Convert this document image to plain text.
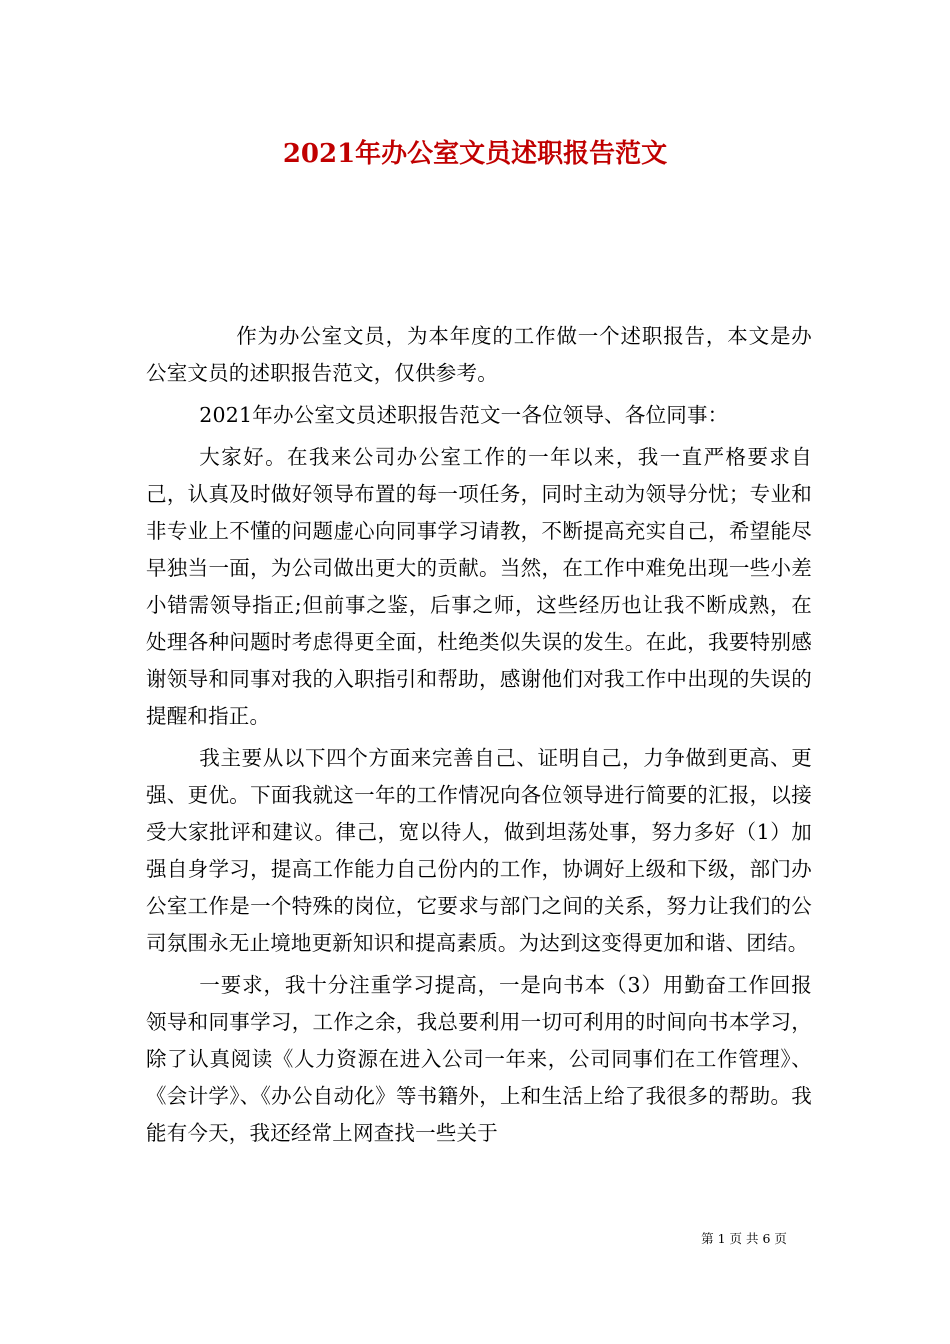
2021年办公室文员述职报告范文

作为办公室文员，为本年度的工作做一个述职报告，本文是办公室文员的述职报告范文，仅供参考。

2021年办公室文员述职报告范文一各位领导、各位同事：

大家好。在我来公司办公室工作的一年以来，我一直严格要求自己，认真及时做好领导布置的每一项任务，同时主动为领导分忧；专业和非专业上不懂的问题虚心向同事学习请教，不断提高充实自己，希望能尽早独当一面，为公司做出更大的贡献。当然，在工作中难免出现一些小差小错需领导指正;但前事之鉴，后事之师，这些经历也让我不断成熟，在处理各种问题时考虑得更全面，杜绝类似失误的发生。在此，我要特别感谢领导和同事对我的入职指引和帮助，感谢他们对我工作中出现的失误的提醒和指正。

我主要从以下四个方面来完善自己、证明自己，力争做到更高、更强、更优。下面我就这一年的工作情况向各位领导进行简要的汇报，以接受大家批评和建议。律己，宽以待人，做到坦荡处事，努力多好（1）加强自身学习，提高工作能力自己份内的工作，协调好上级和下级，部门办公室工作是一个特殊的岗位，它要求与部门之间的关系，努力让我们的公司氛围永无止境地更新知识和提高素质。为达到这变得更加和谐、团结。

一要求，我十分注重学习提高，一是向书本（3）用勤奋工作回报领导和同事学习，工作之余，我总要利用一切可利用的时间向书本学习，除了认真阅读《人力资源在进入公司一年来，公司同事们在工作管理》、《会计学》、《办公自动化》等书籍外，上和生活上给了我很多的帮助。我能有今天，我还经常上网查找一些关于

第 1 页 共 6 页
